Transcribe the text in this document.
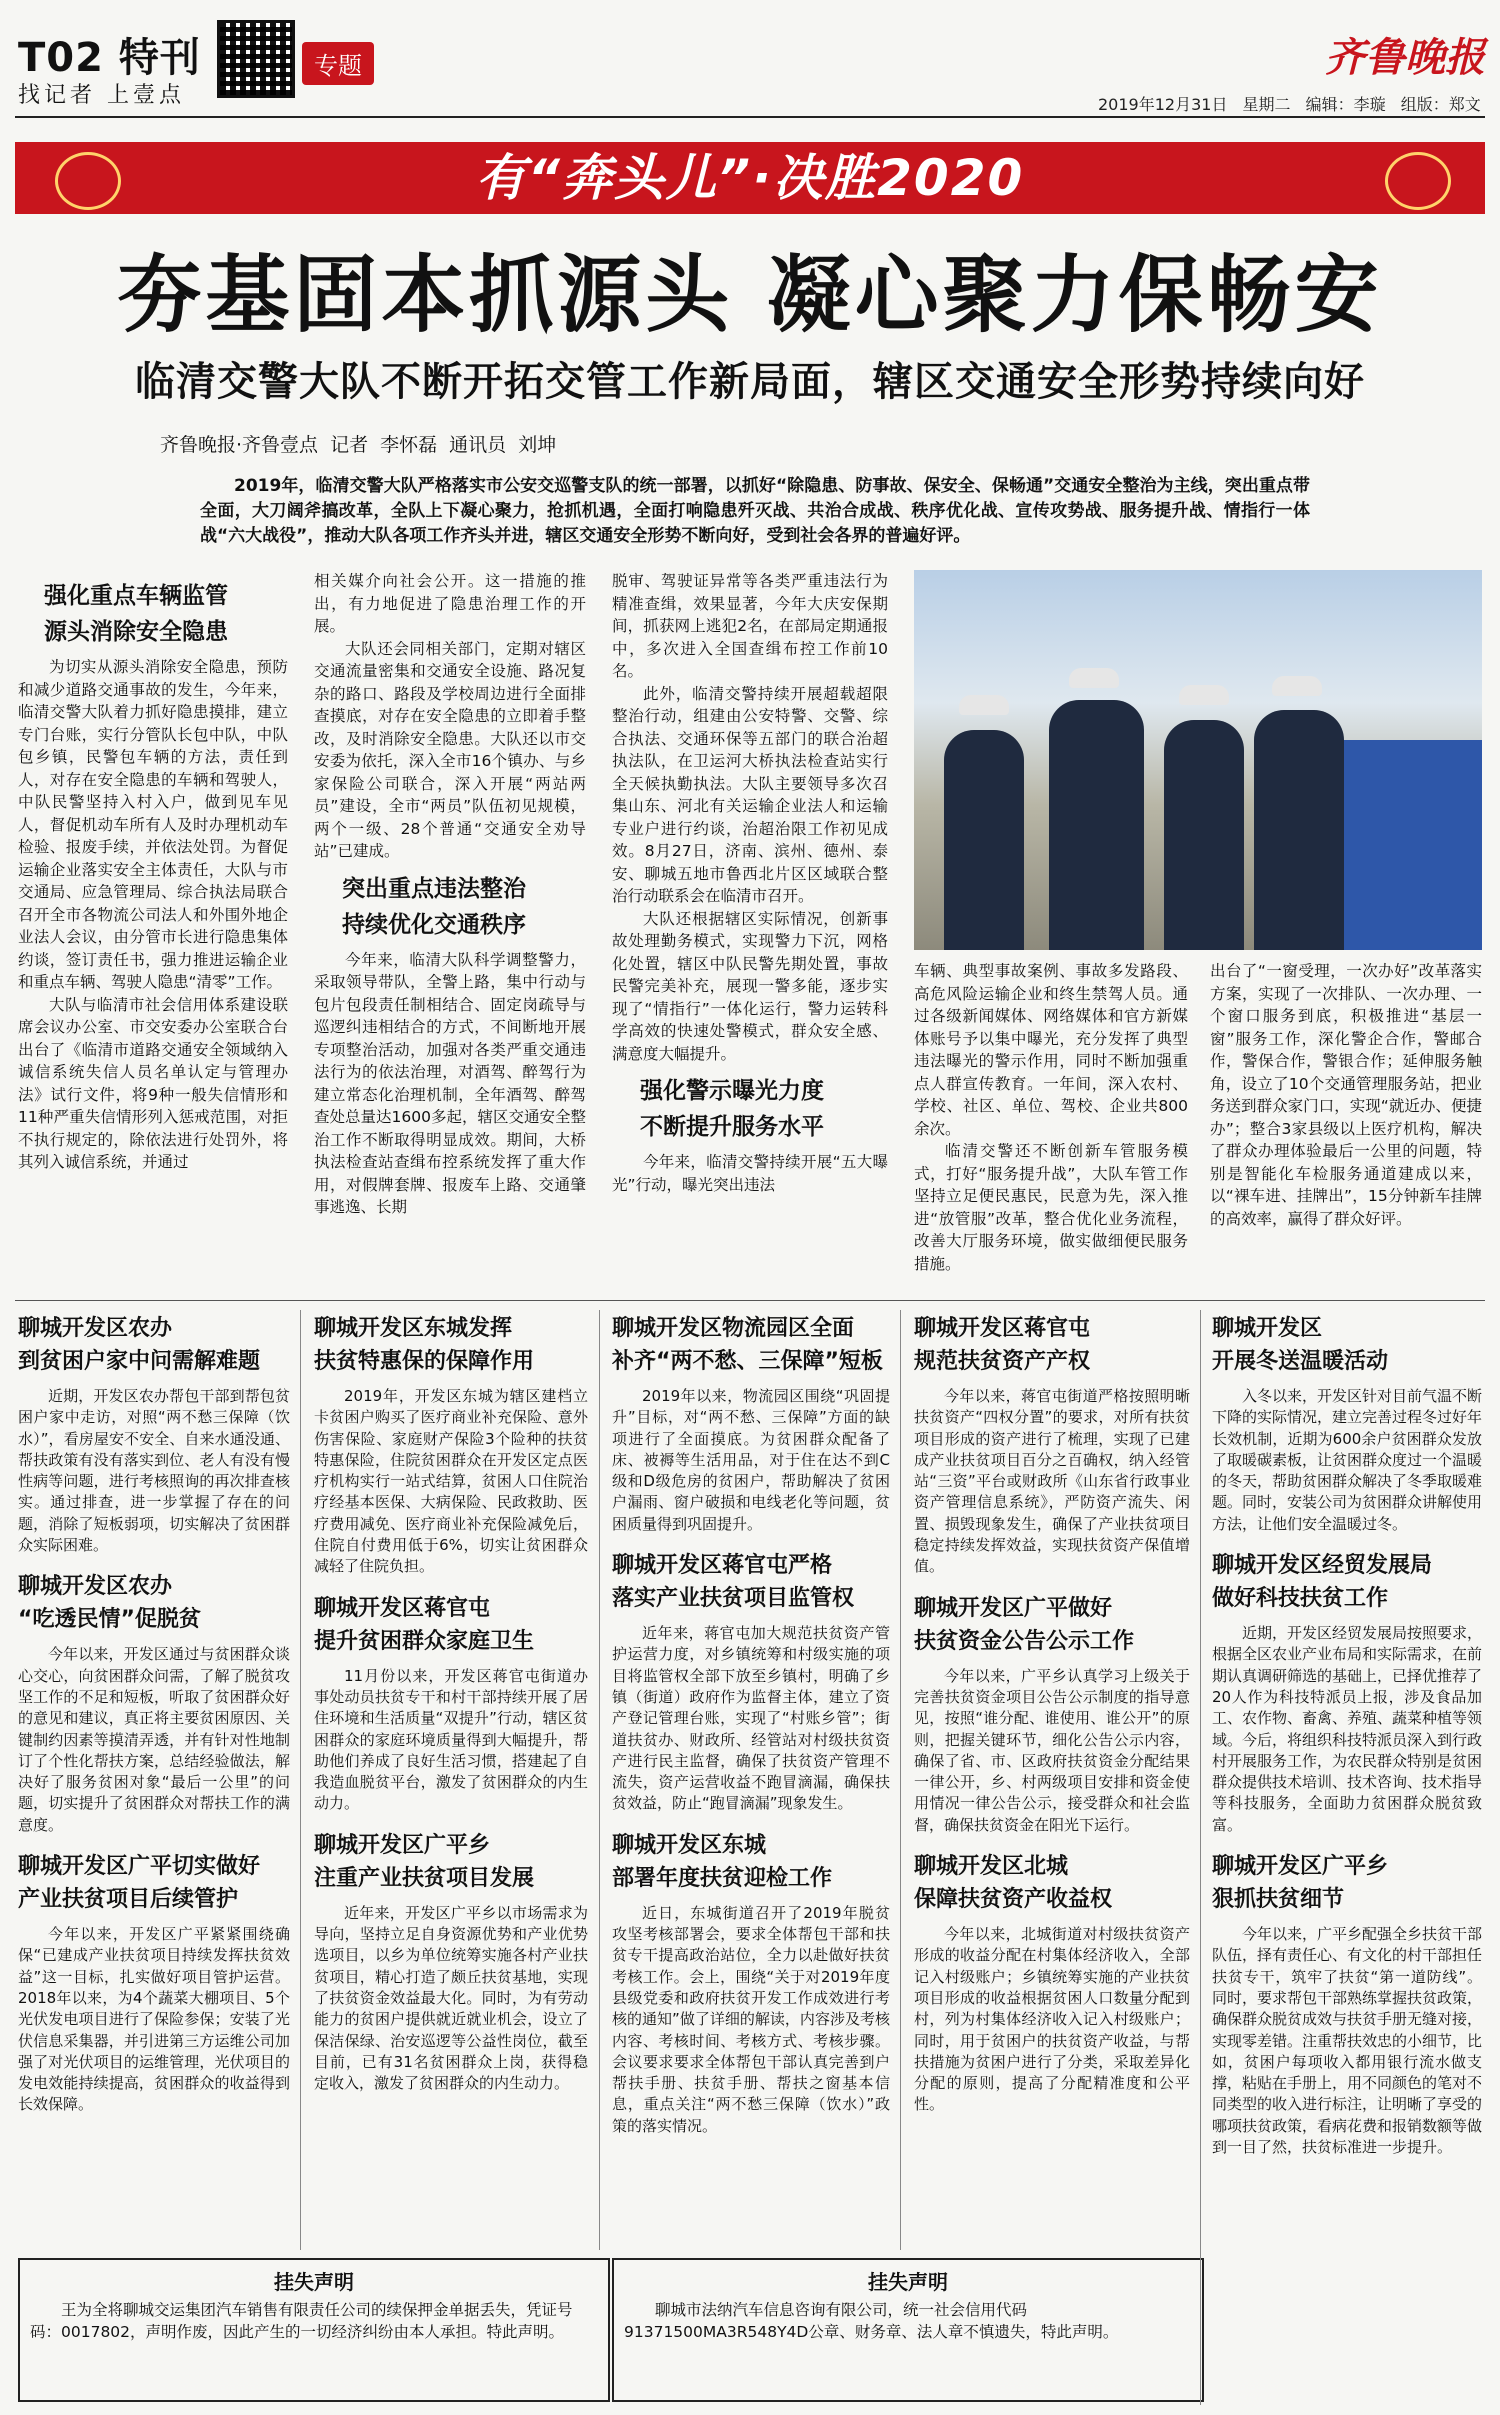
T02 特刊
找记者 上壹点
专题	齐鲁晚报
2019年12月31日 星期二 编辑：李璇 组版：郑文
有“奔头儿”·决胜2020
夯基固本抓源头 凝心聚力保畅安
临清交警大队不断开拓交管工作新局面，辖区交通安全形势持续向好
齐鲁晚报·齐鲁壹点 记者 李怀磊 通讯员 刘坤
2019年，临清交警大队严格落实市公安交巡警支队的统一部署，以抓好“除隐患、防事故、保安全、保畅通”交通安全整治为主线，突出重点带全面，大刀阔斧搞改革，全队上下凝心聚力，抢抓机遇，全面打响隐患歼灭战、共治合成战、秩序优化战、宣传攻势战、服务提升战、情指行一体战“六大战役”，推动大队各项工作齐头并进，辖区交通安全形势不断向好，受到社会各界的普遍好评。
强化重点车辆监管
源头消除安全隐患

为切实从源头消除安全隐患，预防和减少道路交通事故的发生，今年来，临清交警大队着力抓好隐患摸排，建立专门台账，实行分管队长包中队，中队包乡镇，民警包车辆的方法，责任到人，对存在安全隐患的车辆和驾驶人，中队民警坚持入村入户，做到见车见人，督促机动车所有人及时办理机动车检验、报废手续，并依法处罚。为督促运输企业落实安全主体责任，大队与市交通局、应急管理局、综合执法局联合召开全市各物流公司法人和外围外地企业法人会议，由分管市长进行隐患集体约谈，签订责任书，强力推进运输企业和重点车辆、驾驶人隐患“清零”工作。

大队与临清市社会信用体系建设联席会议办公室、市交安委办公室联合台出台了《临清市道路交通安全领域纳入诚信系统失信人员名单认定与管理办法》试行文件，将9种一般失信情形和11种严重失信情形列入惩戒范围，对拒不执行规定的，除依法进行处罚外，将其列入诚信系统，并通过

相关媒介向社会公开。这一措施的推出，有力地促进了隐患治理工作的开展。

大队还会同相关部门，定期对辖区交通流量密集和交通安全设施、路况复杂的路口、路段及学校周边进行全面排查摸底，对存在安全隐患的立即着手整改，及时消除安全隐患。大队还以市交安委为依托，深入全市16个镇办、与乡家保险公司联合，深入开展“两站两员”建设，全市“两员”队伍初见规模，两个一级、28个普通“交通安全劝导站”已建成。

突出重点违法整治
持续优化交通秩序

今年来，临清大队科学调整警力，采取领导带队，全警上路，集中行动与包片包段责任制相结合、固定岗疏导与巡逻纠违相结合的方式，不间断地开展专项整治活动，加强对各类严重交通违法行为的依法治理，对酒驾、醉驾行为建立常态化治理机制，全年酒驾、醉驾查处总量达1600多起，辖区交通安全整治工作不断取得明显成效。期间，大桥执法检查站查缉布控系统发挥了重大作用，对假牌套牌、报废车上路、交通肇事逃逸、长期

脱审、驾驶证异常等各类严重违法行为精准查缉，效果显著，今年大庆安保期间，抓获网上逃犯2名，在部局定期通报中，多次进入全国查缉布控工作前10名。

此外，临清交警持续开展超载超限整治行动，组建由公安特警、交警、综合执法、交通环保等五部门的联合治超执法队，在卫运河大桥执法检查站实行全天候执勤执法。大队主要领导多次召集山东、河北有关运输企业法人和运输专业户进行约谈，治超治限工作初见成效。8月27日，济南、滨州、德州、泰安、聊城五地市鲁西北片区区域联合整治行动联系会在临清市召开。

大队还根据辖区实际情况，创新事故处理勤务模式，实现警力下沉，网格化处置，辖区中队民警先期处置，事故民警完美补充，展现一警多能，逐步实现了“情指行”一体化运行，警力运转科学高效的快速处警模式，群众安全感、满意度大幅提升。

强化警示曝光力度
不断提升服务水平

今年来，临清交警持续开展“五大曝光”行动，曝光突出违法

车辆、典型事故案例、事故多发路段、高危风险运输企业和终生禁驾人员。通过各级新闻媒体、网络媒体和官方新媒体账号予以集中曝光，充分发挥了典型违法曝光的警示作用，同时不断加强重点人群宣传教育。一年间，深入农村、学校、社区、单位、驾校、企业共800余次。

临清交警还不断创新车管服务模式，打好“服务提升战”，大队车管工作坚持立足便民惠民，民意为先，深入推进“放管服”改革，整合优化业务流程，改善大厅服务环境，做实做细便民服务措施。

出台了“一窗受理，一次办好”改革落实方案，实现了一次排队、一次办理、一个窗口服务到底，积极推进“基层一窗”服务工作，深化警企合作，警邮合作，警保合作，警银合作；延伸服务触角，设立了10个交通管理服务站，把业务送到群众家门口，实现“就近办、便捷办”；整合3家县级以上医疗机构，解决了群众办理体验最后一公里的问题，特别是智能化车检服务通道建成以来，以“裸车进、挂牌出”，15分钟新车挂牌的高效率，赢得了群众好评。

聊城开发区农办
到贫困户家中问需解难题

近期，开发区农办帮包干部到帮包贫困户家中走访，对照“两不愁三保障（饮水）”，看房屋安不安全、自来水通没通、帮扶政策有没有落实到位、老人有没有慢性病等问题，进行考核照询的再次排查核实。通过排查，进一步掌握了存在的问题，消除了短板弱项，切实解决了贫困群众实际困难。

聊城开发区农办
“吃透民情”促脱贫

今年以来，开发区通过与贫困群众谈心交心，向贫困群众问需，了解了脱贫攻坚工作的不足和短板，听取了贫困群众好的意见和建议，真正将主要贫困原因、关键制约因素等摸清弄透，并有针对性地制订了个性化帮扶方案，总结经验做法，解决好了服务贫困对象“最后一公里”的问题，切实提升了贫困群众对帮扶工作的满意度。

聊城开发区广平切实做好
产业扶贫项目后续管护

今年以来，开发区广平紧紧围绕确保“已建成产业扶贫项目持续发挥扶贫效益”这一目标，扎实做好项目管护运营。2018年以来，为4个蔬菜大棚项目、5个光伏发电项目进行了保险参保；安装了光伏信息采集器，并引进第三方运维公司加强了对光伏项目的运维管理，光伏项目的发电效能持续提高，贫困群众的收益得到长效保障。

聊城开发区东城发挥
扶贫特惠保的保障作用

2019年，开发区东城为辖区建档立卡贫困户购买了医疗商业补充保险、意外伤害保险、家庭财产保险3个险种的扶贫特惠保险，住院贫困群众在开发区定点医疗机构实行一站式结算，贫困人口住院治疗经基本医保、大病保险、民政救助、医疗费用减免、医疗商业补充保险减免后，住院自付费用低于6%，切实让贫困群众减轻了住院负担。

聊城开发区蒋官屯
提升贫困群众家庭卫生

11月份以来，开发区蒋官屯街道办事处动员扶贫专干和村干部持续开展了居住环境和生活质量“双提升”行动，辖区贫困群众的家庭环境质量得到大幅提升，帮助他们养成了良好生活习惯，搭建起了自我造血脱贫平台，激发了贫困群众的内生动力。

聊城开发区广平乡
注重产业扶贫项目发展

近年来，开发区广平乡以市场需求为导向，坚持立足自身资源优势和产业优势选项目，以乡为单位统筹实施各村产业扶贫项目，精心打造了颇丘扶贫基地，实现了扶贫资金效益最大化。同时，为有劳动能力的贫困户提供就近就业机会，设立了保洁保绿、治安巡逻等公益性岗位，截至目前，已有31名贫困群众上岗，获得稳定收入，激发了贫困群众的内生动力。

聊城开发区物流园区全面
补齐“两不愁、三保障”短板

2019年以来，物流园区围绕“巩固提升”目标，对“两不愁、三保障”方面的缺项进行了全面摸底。为贫困群众配备了床、被褥等生活用品，对于住在达不到C级和D级危房的贫困户，帮助解决了贫困户漏雨、窗户破损和电线老化等问题，贫困质量得到巩固提升。

聊城开发区蒋官屯严格
落实产业扶贫项目监管权

近年来，蒋官屯加大规范扶贫资产管护运营力度，对乡镇统筹和村级实施的项目将监管权全部下放至乡镇村，明确了乡镇（街道）政府作为监督主体，建立了资产登记管理台账，实现了“村账乡管”；街道扶贫办、财政所、经管站对村级扶贫资产进行民主监督，确保了扶贫资产管理不流失，资产运营收益不跑冒滴漏，确保扶贫效益，防止“跑冒滴漏”现象发生。

聊城开发区东城
部署年度扶贫迎检工作

近日，东城街道召开了2019年脱贫攻坚考核部署会，要求全体帮包干部和扶贫专干提高政治站位，全力以赴做好扶贫考核工作。会上，围绕“关于对2019年度县级党委和政府扶贫开发工作成效进行考核的通知”做了详细的解读，内容涉及考核内容、考核时间、考核方式、考核步骤。会议要求要求全体帮包干部认真完善到户帮扶手册、扶贫手册、帮扶之窗基本信息，重点关注“两不愁三保障（饮水）”政策的落实情况。

聊城开发区蒋官屯
规范扶贫资产产权

今年以来，蒋官屯街道严格按照明晰扶贫资产“四权分置”的要求，对所有扶贫项目形成的资产进行了梳理，实现了已建成产业扶贫项目百分之百确权，纳入经管站“三资”平台或财政所《山东省行政事业资产管理信息系统》，严防资产流失、闲置、损毁现象发生，确保了产业扶贫项目稳定持续发挥效益，实现扶贫资产保值增值。

聊城开发区广平做好
扶贫资金公告公示工作

今年以来，广平乡认真学习上级关于完善扶贫资金项目公告公示制度的指导意见，按照“谁分配、谁使用、谁公开”的原则，把握关键环节，细化公告公示内容，确保了省、市、区政府扶贫资金分配结果一律公开，乡、村两级项目安排和资金使用情况一律公告公示，接受群众和社会监督，确保扶贫资金在阳光下运行。

聊城开发区北城
保障扶贫资产收益权

今年以来，北城街道对村级扶贫资产形成的收益分配在村集体经济收入，全部记入村级账户；乡镇统筹实施的产业扶贫项目形成的收益根据贫困人口数量分配到村，列为村集体经济收入记入村级账户；同时，用于贫困户的扶贫资产收益，与帮扶措施为贫困户进行了分类，采取差异化分配的原则，提高了分配精准度和公平性。

聊城开发区
开展冬送温暖活动

入冬以来，开发区针对目前气温不断下降的实际情况，建立完善过程冬过好年长效机制，近期为600余户贫困群众发放了取暖碳素板，让贫困群众度过一个温暖的冬天，帮助贫困群众解决了冬季取暖难题。同时，安装公司为贫困群众讲解使用方法，让他们安全温暖过冬。

聊城开发区经贸发展局
做好科技扶贫工作

近期，开发区经贸发展局按照要求，根据全区农业产业布局和实际需求，在前期认真调研筛选的基础上，已择优推荐了20人作为科技特派员上报，涉及食品加工、农作物、畜禽、养殖、蔬菜种植等领域。今后，将组织科技特派员深入到行政村开展服务工作，为农民群众特别是贫困群众提供技术培训、技术咨询、技术指导等科技服务，全面助力贫困群众脱贫致富。

聊城开发区广平乡
狠抓扶贫细节

今年以来，广平乡配强全乡扶贫干部队伍，择有责任心、有文化的村干部担任扶贫专干，筑牢了扶贫“第一道防线”。同时，要求帮包干部熟练掌握扶贫政策，确保群众脱贫成效与扶贫手册无缝对接，实现零差错。注重帮扶效忠的小细节，比如，贫困户每项收入都用银行流水做支撑，粘贴在手册上，用不同颜色的笔对不同类型的收入进行标注，让明晰了享受的哪项扶贫政策，看病花费和报销数额等做到一目了然，扶贫标准进一步提升。

挂失声明
王为全将聊城交运集团汽车销售有限责任公司的续保押金单据丢失，凭证号码：0017802，声明作废，因此产生的一切经济纠纷由本人承担。特此声明。
挂失声明
聊城市法纳汽车信息咨询有限公司，统一社会信用代码91371500MA3R548Y4D公章、财务章、法人章不慎遗失，特此声明。
